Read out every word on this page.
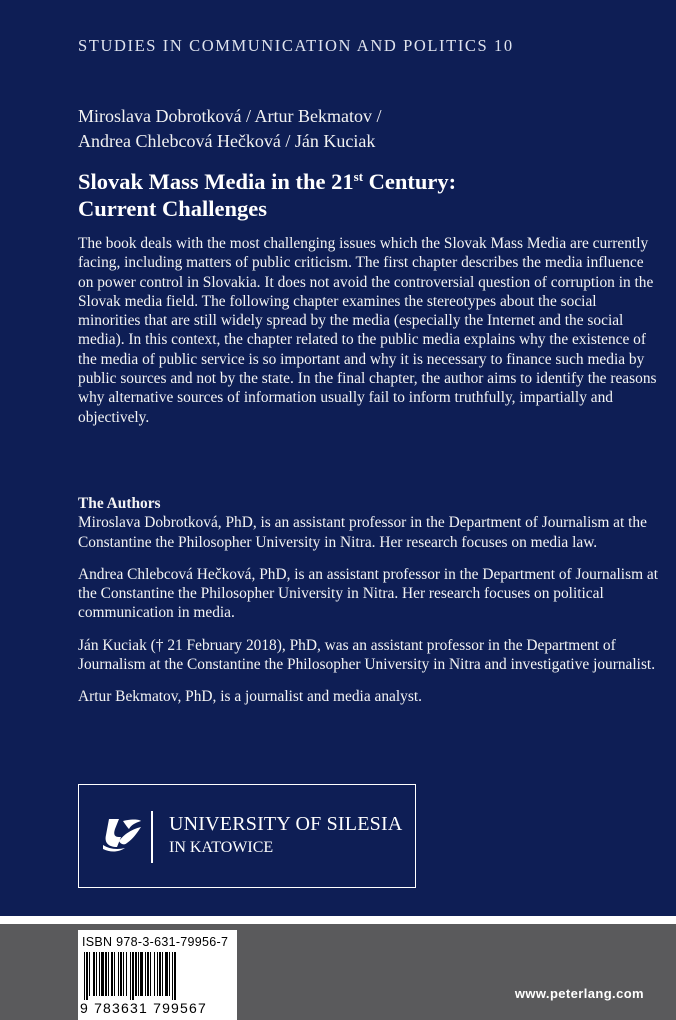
STUDIES IN COMMUNICATION AND POLITICS 10
Miroslava Dobrotková / Artur Bekmatov /
Andrea Chlebcová Hečková / Ján Kuciak
Slovak Mass Media in the 21st Century:
Current Challenges
The book deals with the most challenging issues which the Slovak Mass Media are currently facing, including matters of public criticism. The first chapter describes the media influence on power control in Slovakia. It does not avoid the controversial question of corruption in the Slovak media field. The following chapter examines the stereotypes about the social minorities that are still widely spread by the media (especially the Internet and the social media). In this context, the chapter related to the public media explains why the existence of the media of public service is so important and why it is necessary to finance such media by public sources and not by the state. In the final chapter, the author aims to identify the reasons why alternative sources of information usually fail to inform truthfully, impartially and objectively.
The Authors

Miroslava Dobrotková, PhD, is an assistant professor in the Department of Journalism at the Constantine the Philosopher University in Nitra. Her research focuses on media law.

Andrea Chlebcová Hečková, PhD, is an assistant professor in the Department of Journalism at the Constantine the Philosopher University in Nitra. Her research focuses on political communication in media.

Ján Kuciak († 21 February 2018), PhD, was an assistant professor in the Department of Journalism at the Constantine the Philosopher University in Nitra and investigative journalist.

Artur Bekmatov, PhD, is a journalist and media analyst.

UNIVERSITY OF SILESIA
IN KATOWICE
ISBN 978-3-631-79956-7
9 783631 799567
www.peterlang.com
